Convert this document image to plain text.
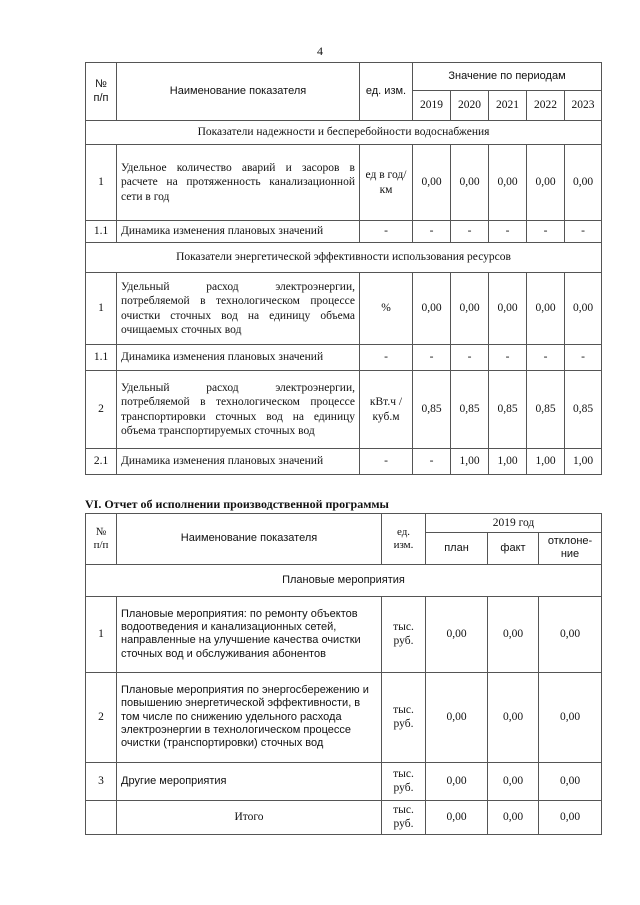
4
№ п/п	Наименование показателя	ед. изм.	Значение по периодам				
			2019	2020	2021	2022	2023
Показатели надежности и бесперебойности водоснабжения							
1	Удельное количество аварий и засоров в расчете на протяженность канализационной сети в год	ед в год/ км	0,00	0,00	0,00	0,00	0,00
1.1	Динамика изменения плановых значений	-	-	-	-	-	-
Показатели энергетической эффективности использования ресурсов							
1	Удельный расход электроэнергии, потребляемой в технологическом процессе очистки сточных вод на единицу объема очищаемых сточных вод	%	0,00	0,00	0,00	0,00	0,00
1.1	Динамика изменения плановых значений	-	-	-	-	-	-
2	Удельный расход электроэнергии, потребляемой в технологическом процессе транспортировки сточных вод на единицу объема транспортируемых сточных вод	кВт.ч / куб.м	0,85	0,85	0,85	0,85	0,85
2.1	Динамика изменения плановых значений	-	-	1,00	1,00	1,00	1,00
VI. Отчет об исполнении производственной программы
№ п/п	Наименование показателя	ед. изм.	2019 год		
			план	факт	отклоне-ние
Плановые мероприятия					
1	Плановые мероприятия: по ремонту объектов водоотведения и канализационных сетей, направленные на улучшение качества очистки сточных вод и обслуживания абонентов	тыс. руб.	0,00	0,00	0,00
2	Плановые мероприятия по энергосбережению и повышению энергетической эффективности, в том числе по снижению удельного расхода электроэнергии в технологическом процессе очистки (транспортировки) сточных вод	тыс. руб.	0,00	0,00	0,00
3	Другие мероприятия	тыс. руб.	0,00	0,00	0,00
	Итого	тыс. руб.	0,00	0,00	0,00
